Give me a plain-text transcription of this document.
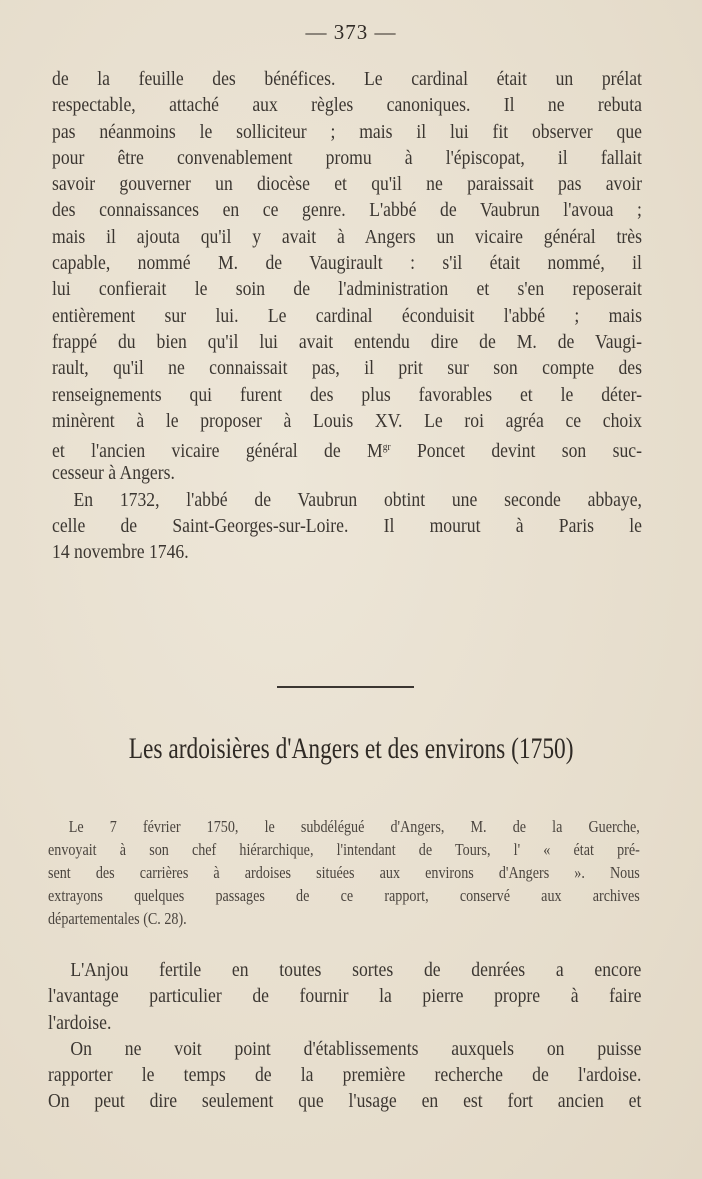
— 373 —
de la feuille des bénéfices. Le cardinal était un prélat
respectable, attaché aux règles canoniques. Il ne rebuta
pas néanmoins le solliciteur ; mais il lui fit observer que
pour être convenablement promu à l'épiscopat, il fallait
savoir gouverner un diocèse et qu'il ne paraissait pas avoir
des connaissances en ce genre. L'abbé de Vaubrun l'avoua ;
mais il ajouta qu'il y avait à Angers un vicaire général très
capable, nommé M. de Vaugirault : s'il était nommé, il
lui confierait le soin de l'administration et s'en reposerait
entièrement sur lui. Le cardinal éconduisit l'abbé ; mais
frappé du bien qu'il lui avait entendu dire de M. de Vaugi-
rault, qu'il ne connaissait pas, il prit sur son compte des
renseignements qui furent des plus favorables et le déter-
minèrent à le proposer à Louis XV. Le roi agréa ce choix
et l'ancien vicaire général de $M^{gr}$ Poncet devint son suc-
cesseur à Angers.
En 1732, l'abbé de Vaubrun obtint une seconde abbaye,
celle de Saint-Georges-sur-Loire. Il mourut à Paris le
14 novembre 1746.
Les ardoisières d'Angers et des environs (1750)
Le 7 février 1750, le subdélégué d'Angers, M. de la Guerche,
envoyait à son chef hiérarchique, l'intendant de Tours, l' « état pré-
sent des carrières à ardoises situées aux environs d'Angers ». Nous
extrayons quelques passages de ce rapport, conservé aux archives
départementales (C. 28).
L'Anjou fertile en toutes sortes de denrées a encore
l'avantage particulier de fournir la pierre propre à faire
l'ardoise.
On ne voit point d'établissements auxquels on puisse
rapporter le temps de la première recherche de l'ardoise.
On peut dire seulement que l'usage en est fort ancien et
